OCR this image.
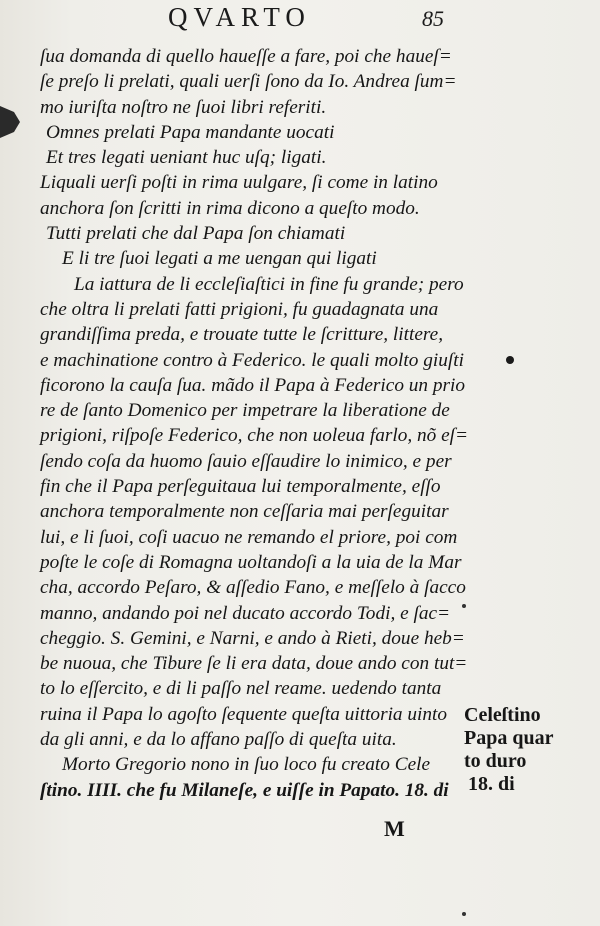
QVARTO	85
ſua domanda di quello haueſſe a fare, poi che haueſ=
ſe preſo li prelati, quali uerſi ſono da Io. Andrea ſum=
mo iuriſta noſtro ne ſuoi libri referiti.
Omnes prelati Papa mandante uocati
Et tres legati ueniant huc uſq; ligati.
Liquali uerſi poſti in rima uulgare, ſi come in latino
anchora ſon ſcritti in rima dicono a queſto modo.
Tutti prelati che dal Papa ſon chiamati
E li tre ſuoi legati a me uengan qui ligati
La iattura de li eccleſiaſtici in fine fu grande; pero
che oltra li prelati fatti prigioni, fu guadagnata una
grandiſſima preda, e trouate tutte le ſcritture, littere,
e machinatione contro à Federico. le quali molto giuſti
ficorono la cauſa ſua. mãdo il Papa à Federico un prio
re de ſanto Domenico per impetrare la liberatione de
prigioni, riſpoſe Federico, che non uoleua farlo, nõ eſ=
ſendo coſa da huomo ſauio eſſaudire lo inimico, e per
fin che il Papa perſeguitaua lui temporalmente, eſſo
anchora temporalmente non ceſſaria mai perſeguitar
lui, e li ſuoi, coſi uacuo ne remando el priore, poi com
poſte le coſe di Romagna uoltandoſi a la uia de la Mar
cha, accordo Peſaro, & aſſedio Fano, e meſſelo à ſacco
manno, andando poi nel ducato accordo Todi, e ſac=
cheggio. S. Gemini, e Narni, e ando à Rieti, doue heb=
be nuoua, che Tibure ſe li era data, doue ando con tut=
to lo eſſercito, e di li paſſo nel reame. uedendo tanta
ruina il Papa lo agoſto ſequente queſta uittoria uinto
da gli anni, e da lo affano paſſo di queſta uita.
Morto Gregorio nono in ſuo loco fu creato Cele
ſtino. IIII. che fu Milaneſe, e uiſſe in Papato. 18. di
Celeſtino
Papa quar
to duro
18. di
M
